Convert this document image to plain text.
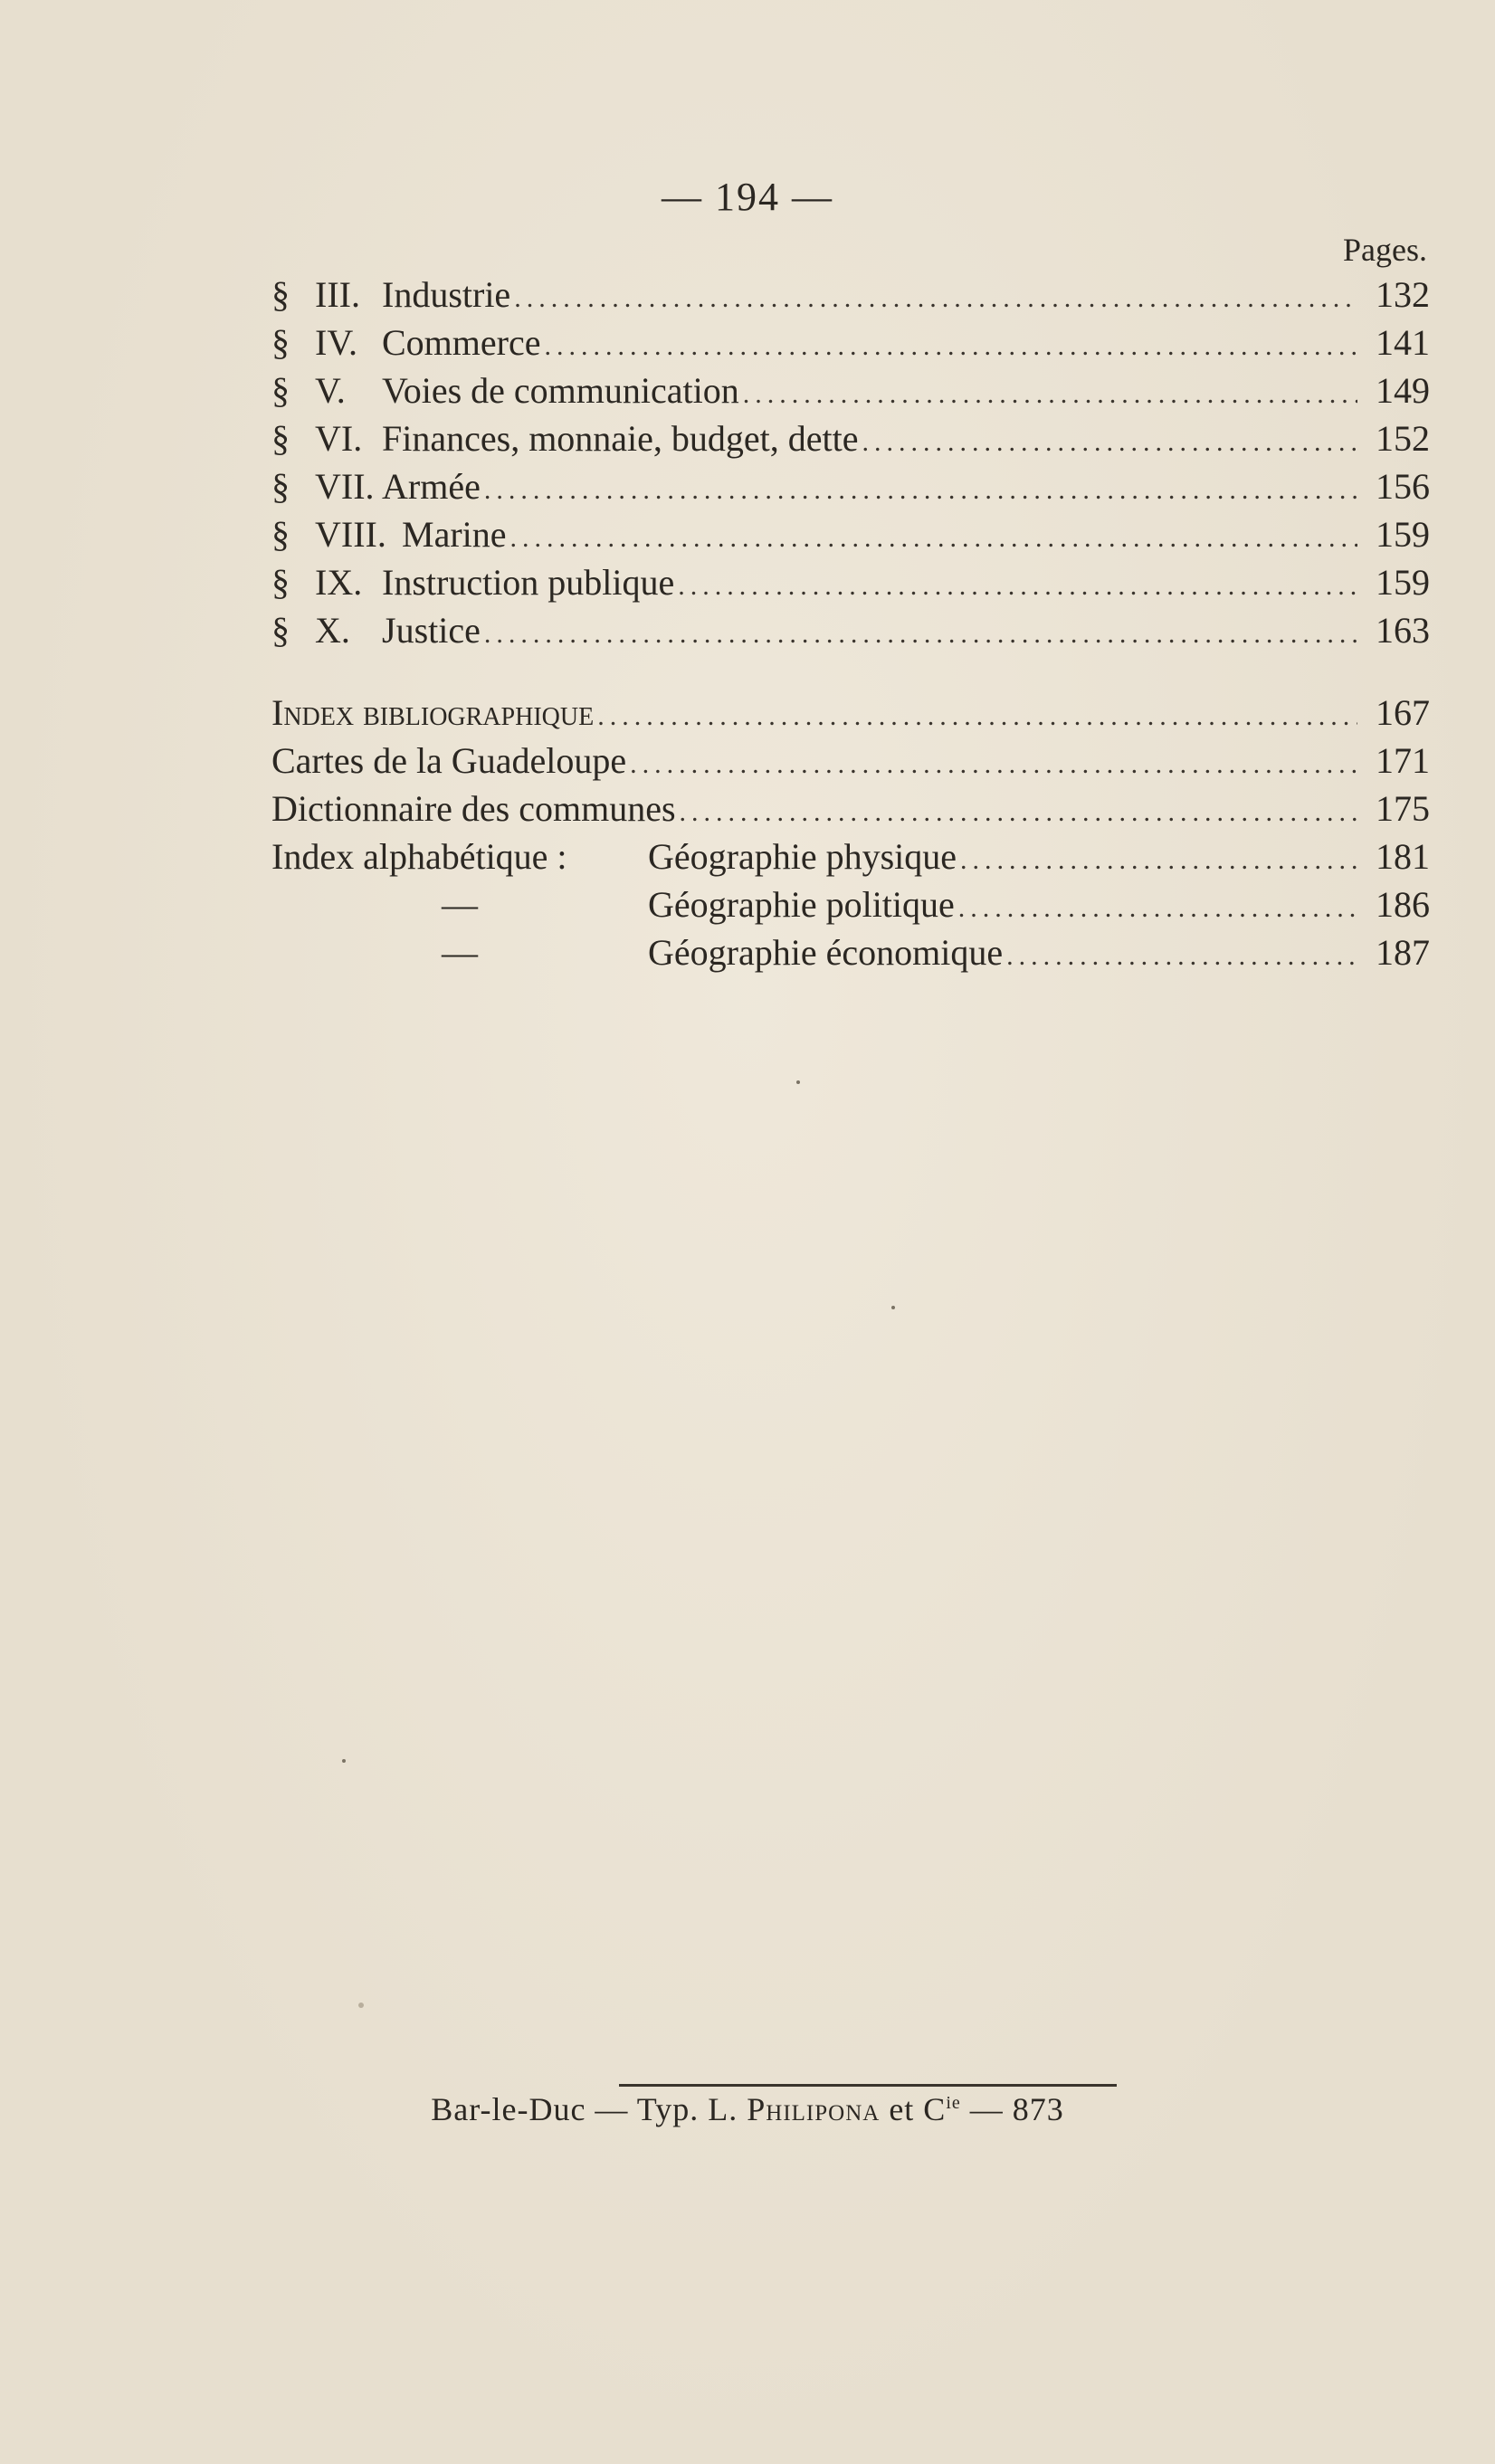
— 194 —
Pages.
§ III. Industrie .....	132
§ IV. Commerce .....	141
§ V.	Voies de communication .....	149
§ VI. Finances, monnaie, budget, dette .....	152
§ VII. Armée .....	156
§ VIII. Marine .....	159
§ IX. Instruction publique .....	159
§ X. Justice .....	163
Index bibliographique .....	167
Cartes de la Guadeloupe .....	171
Dictionnaire des communes .....	175
Index alphabétique :	Géographie physique .....	181
—	Géographie politique .....	186
—	Géographie économique .....	187
Bar-le-Duc — Typ. L. Philipona et $C^{ie}$ — 873
